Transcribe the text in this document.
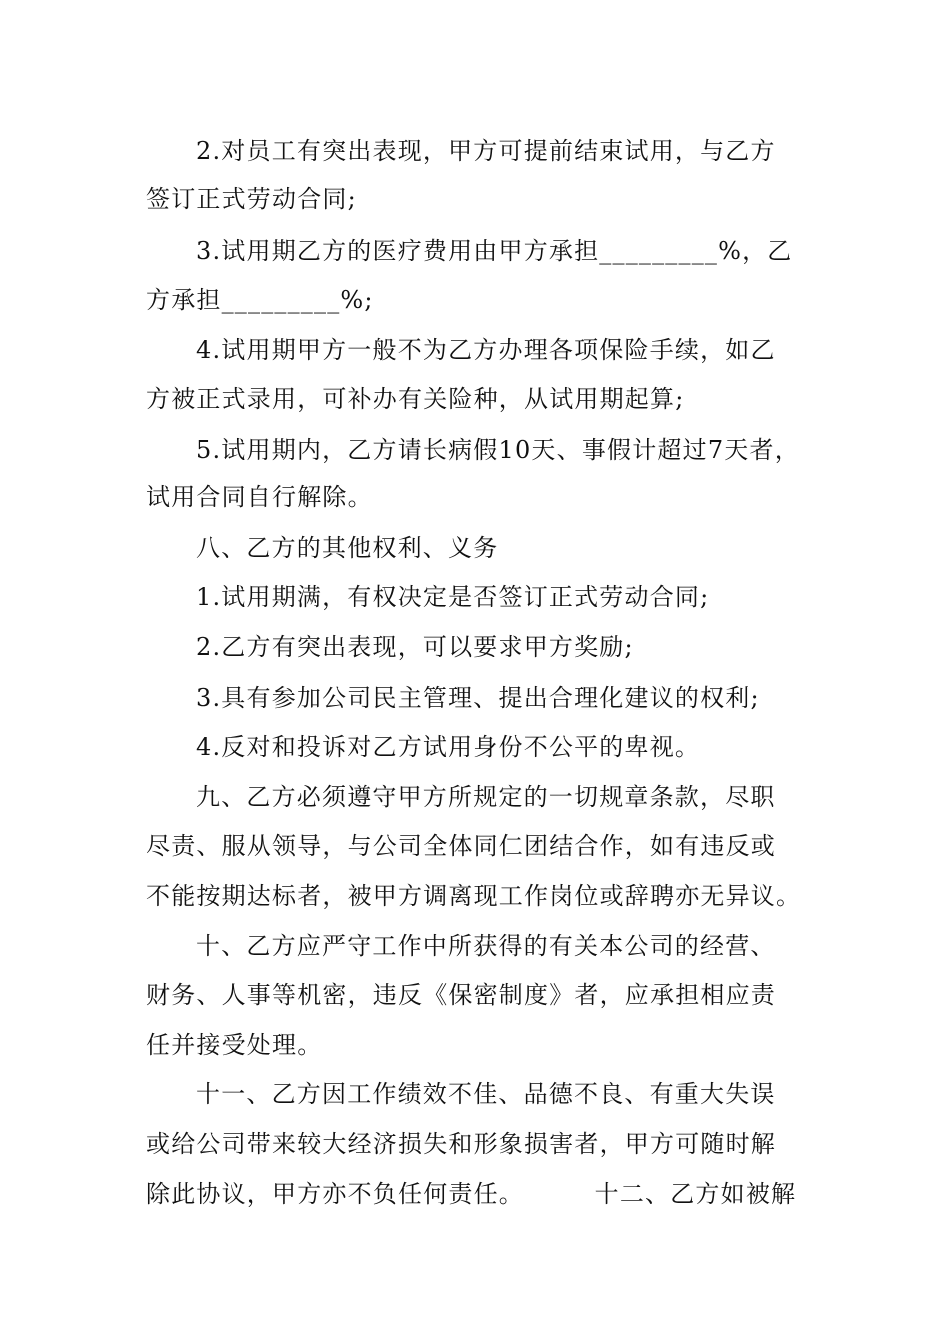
2.对员工有突出表现，甲方可提前结束试用，与乙方
签订正式劳动合同;
3.试用期乙方的医疗费用由甲方承担_________%，乙
方承担_________%;
4.试用期甲方一般不为乙方办理各项保险手续，如乙
方被正式录用，可补办有关险种，从试用期起算;
5.试用期内，乙方请长病假10天、事假计超过7天者，
试用合同自行解除。
八、乙方的其他权利、义务
1.试用期满，有权决定是否签订正式劳动合同;
2.乙方有突出表现，可以要求甲方奖励;
3.具有参加公司民主管理、提出合理化建议的权利;
4.反对和投诉对乙方试用身份不公平的卑视。
九、乙方必须遵守甲方所规定的一切规章条款，尽职
尽责、服从领导，与公司全体同仁团结合作，如有违反或
不能按期达标者，被甲方调离现工作岗位或辞聘亦无异议。
十、乙方应严守工作中所获得的有关本公司的经营、
财务、人事等机密，违反《保密制度》者，应承担相应责
任并接受处理。
十一、乙方因工作绩效不佳、品德不良、有重大失误
或给公司带来较大经济损失和形象损害者，甲方可随时解
除此协议，甲方亦不负任何责任。        十二、乙方如被解
